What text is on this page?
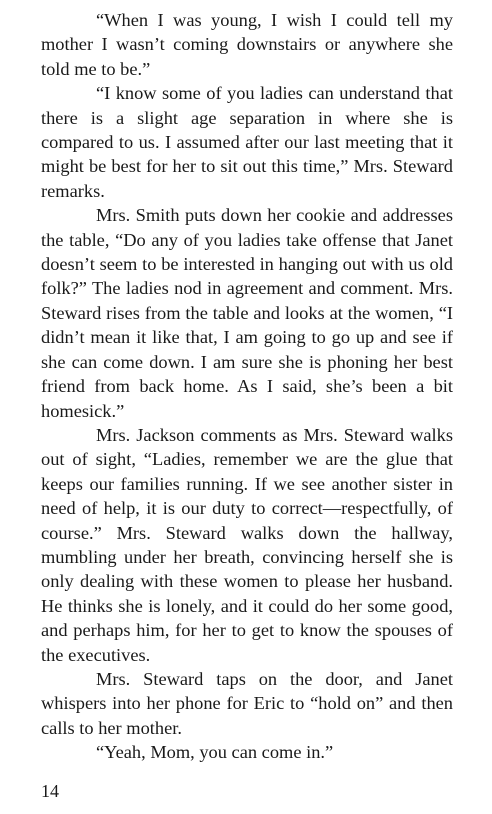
“When I was young, I wish I could tell my mother I wasn’t coming downstairs or anywhere she told me to be.”

“I know some of you ladies can understand that there is a slight age separation in where she is compared to us. I assumed after our last meeting that it might be best for her to sit out this time,” Mrs. Steward remarks.

Mrs. Smith puts down her cookie and addresses the table, “Do any of you ladies take offense that Janet doesn’t seem to be interested in hanging out with us old folk?” The ladies nod in agreement and comment. Mrs. Steward rises from the table and looks at the women, “I didn’t mean it like that, I am going to go up and see if she can come down. I am sure she is phoning her best friend from back home. As I said, she’s been a bit homesick.”

Mrs. Jackson comments as Mrs. Steward walks out of sight, “Ladies, remember we are the glue that keeps our families running. If we see another sister in need of help, it is our duty to correct—respectfully, of course.” Mrs. Steward walks down the hallway, mumbling under her breath, convincing herself she is only dealing with these women to please her husband. He thinks she is lonely, and it could do her some good, and perhaps him, for her to get to know the spouses of the executives.

Mrs. Steward taps on the door, and Janet whispers into her phone for Eric to “hold on” and then calls to her mother.

“Yeah, Mom, you can come in.”

14
